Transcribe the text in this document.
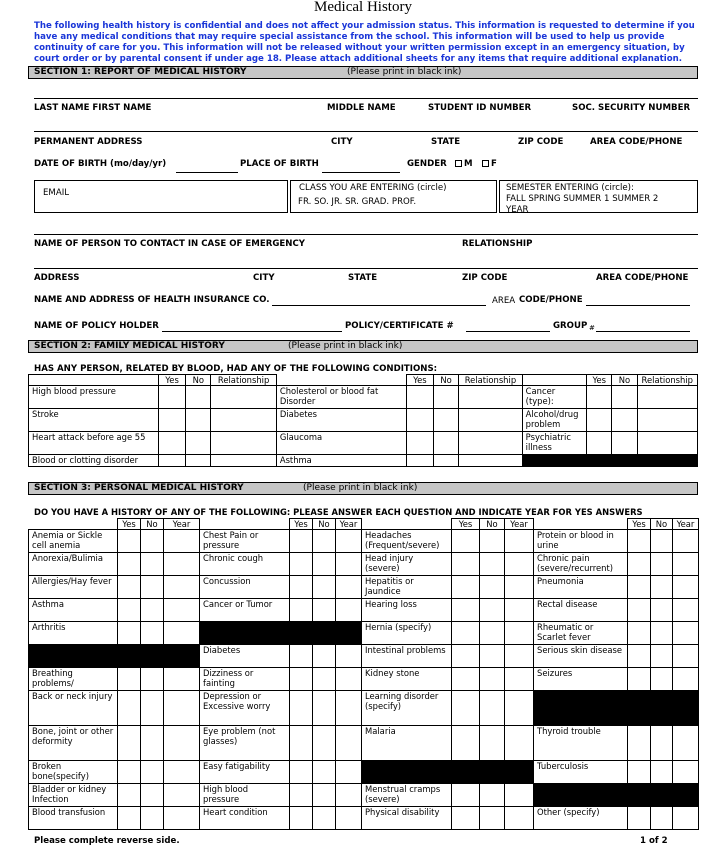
Medical History
The following health history is confidential and does not affect your admission status. This information is requested to determine if you have any medical conditions that may require special assistance from the school. This information will be used to help us provide continuity of care for you. This information will not be released without your written permission except in an emergency situation, by court order or by parental consent if under age 18. Please attach additional sheets for any items that require additional explanation.
SECTION 1: REPORT OF MEDICAL HISTORY	(Please print in black ink)
LAST NAME FIRST NAME	MIDDLE NAME	STUDENT ID NUMBER	SOC. SECURITY NUMBER
PERMANENT ADDRESS	CITY	STATE	ZIP CODE	AREA CODE/PHONE
DATE OF BIRTH (mo/day/yr)	PLACE OF BIRTH	GENDER M F
EMAIL	CLASS YOU ARE ENTERING (circle)
FR. SO. JR. SR. GRAD. PROF.
SEMESTER ENTERING (circle):
FALL SPRING SUMMER 1 SUMMER 2
YEAR
NAME OF PERSON TO CONTACT IN CASE OF EMERGENCY	RELATIONSHIP
ADDRESS	CITY	STATE	ZIP CODE	AREA CODE/PHONE
NAME AND ADDRESS OF HEALTH INSURANCE CO.	AREA CODE/PHONE
NAME OF POLICY HOLDER	POLICY/CERTIFICATE #	GROUP #
SECTION 2: FAMILY MEDICAL HISTORY	(Please print in black ink)
HAS ANY PERSON, RELATED BY BLOOD, HAD ANY OF THE FOLLOWING CONDITIONS:
	Yes	No	Relationship		Yes	No	Relationship		Yes	No	Relationship
High blood pressure				Cholesterol or blood fat Disorder				Cancer (type):			
Stroke				Diabetes				Alcohol/drug problem			
Heart attack before age 55				Glaucoma				Psychiatric illness			
Blood or clotting disorder				Asthma							
SECTION 3: PERSONAL MEDICAL HISTORY	(Please print in black ink)
DO YOU HAVE A HISTORY OF ANY OF THE FOLLOWING: PLEASE ANSWER EACH QUESTION AND INDICATE YEAR FOR YES ANSWERS
	Yes	No	Year		Yes	No	Year		Yes	No	Year		Yes	No	Year
Anemia or Sickle cell anemia				Chest Pain or pressure				Headaches (Frequent/severe)				Protein or blood in urine			
Anorexia/Bulimia				Chronic cough				Head injury (severe)				Chronic pain (severe/recurrent)			
Allergies/Hay fever				Concussion				Hepatitis or Jaundice				Pneumonia			
Asthma				Cancer or Tumor				Hearing loss				Rectal disease			
Arthritis								Hernia (specify)				Rheumatic or Scarlet fever			
				Diabetes				Intestinal problems				Serious skin disease			
Breathing problems/				Dizziness or fainting				Kidney stone				Seizures			
Back or neck injury				Depression or Excessive worry				Learning disorder (specify)							
Bone, joint or other deformity				Eye problem (not glasses)				Malaria				Thyroid trouble			
Broken bone(specify)				Easy fatigability								Tuberculosis			
Bladder or kidney Infection				High blood pressure				Menstrual cramps (severe)							
Blood transfusion				Heart condition				Physical disability				Other (specify)			
Please complete reverse side.	1 of 2
